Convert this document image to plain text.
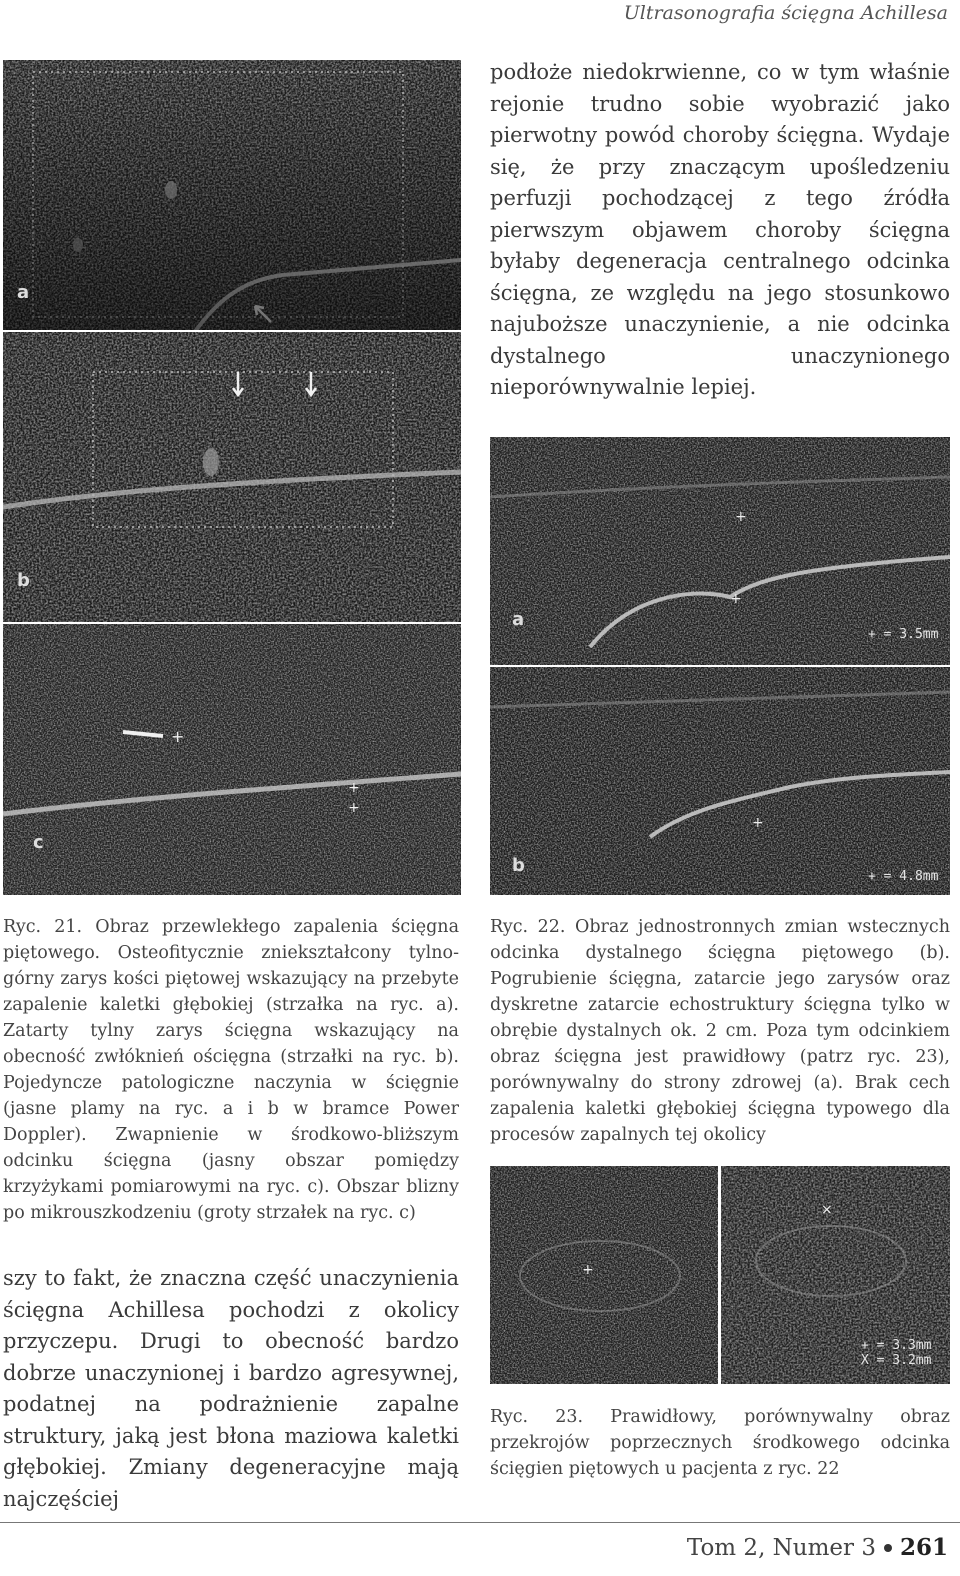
Ultrasonografia ścięgna Achillesa
a
b
+
+
+
c
podłoże niedokrwienne, co w tym właśnie rejonie trudno sobie wyobrazić jako pierwotny powód choroby ścięgna. Wydaje się, że przy znaczącym upośledzeniu perfuzji pochodzącej z tego źródła pierwszym objawem choroby ścięgna byłaby degeneracja centralnego odcinka ścięgna, ze względu na jego stosunkowo najuboższe unaczynienie, a nie odcinka dystalnego unaczynionego nieporównywalnie lepiej.
+
+
a
+ = 3.5mm
+
b
+ = 4.8mm
Ryc. 21. Obraz przewlekłego zapalenia ścięgna piętowego. Osteofitycznie zniekształcony tylno-górny zarys kości piętowej wskazujący na przebyte zapalenie kaletki głębokiej (strzałka na ryc. a). Zatarty tylny zarys ścięgna wskazujący na obecność zwłóknień ościęgna (strzałki na ryc. b). Pojedyncze patologiczne naczynia w ścięgnie (jasne plamy na ryc. a i b w bramce Power Doppler). Zwapnienie w środkowo-bliższym odcinku ścięgna (jasny obszar pomiędzy krzyżykami pomiarowymi na ryc. c). Obszar blizny po mikrouszkodzeniu (groty strzałek na ryc. c)
Ryc. 22. Obraz jednostronnych zmian wstecznych odcinka dystalnego ścięgna piętowego (b). Pogrubienie ścięgna, zatarcie jego zarysów oraz dyskretne zatarcie echostruktury ścięgna tylko w obrębie dystalnych ok. 2 cm. Poza tym odcinkiem obraz ścięgna jest prawidłowy (patrz ryc. 23), porównywalny do strony zdrowej (a). Brak cech zapalenia kaletki głębokiej ścięgna typowego dla procesów zapalnych tej okolicy
+
×
+ = 3.3mm
X = 3.2mm
szy to fakt, że znaczna część unaczynienia ścięgna Achillesa pochodzi z okolicy przyczepu. Drugi to obecność bardzo dobrze unaczynionej i bardzo agresywnej, podatnej na podrażnienie zapalne struktury, jaką jest błona maziowa kaletki głębokiej. Zmiany degeneracyjne mają najczęściej
Ryc. 23. Prawidłowy, porównywalny obraz przekrojów poprzecznych środkowego odcinka ścięgien piętowych u pacjenta z ryc. 22
Tom 2, Numer 3 261
